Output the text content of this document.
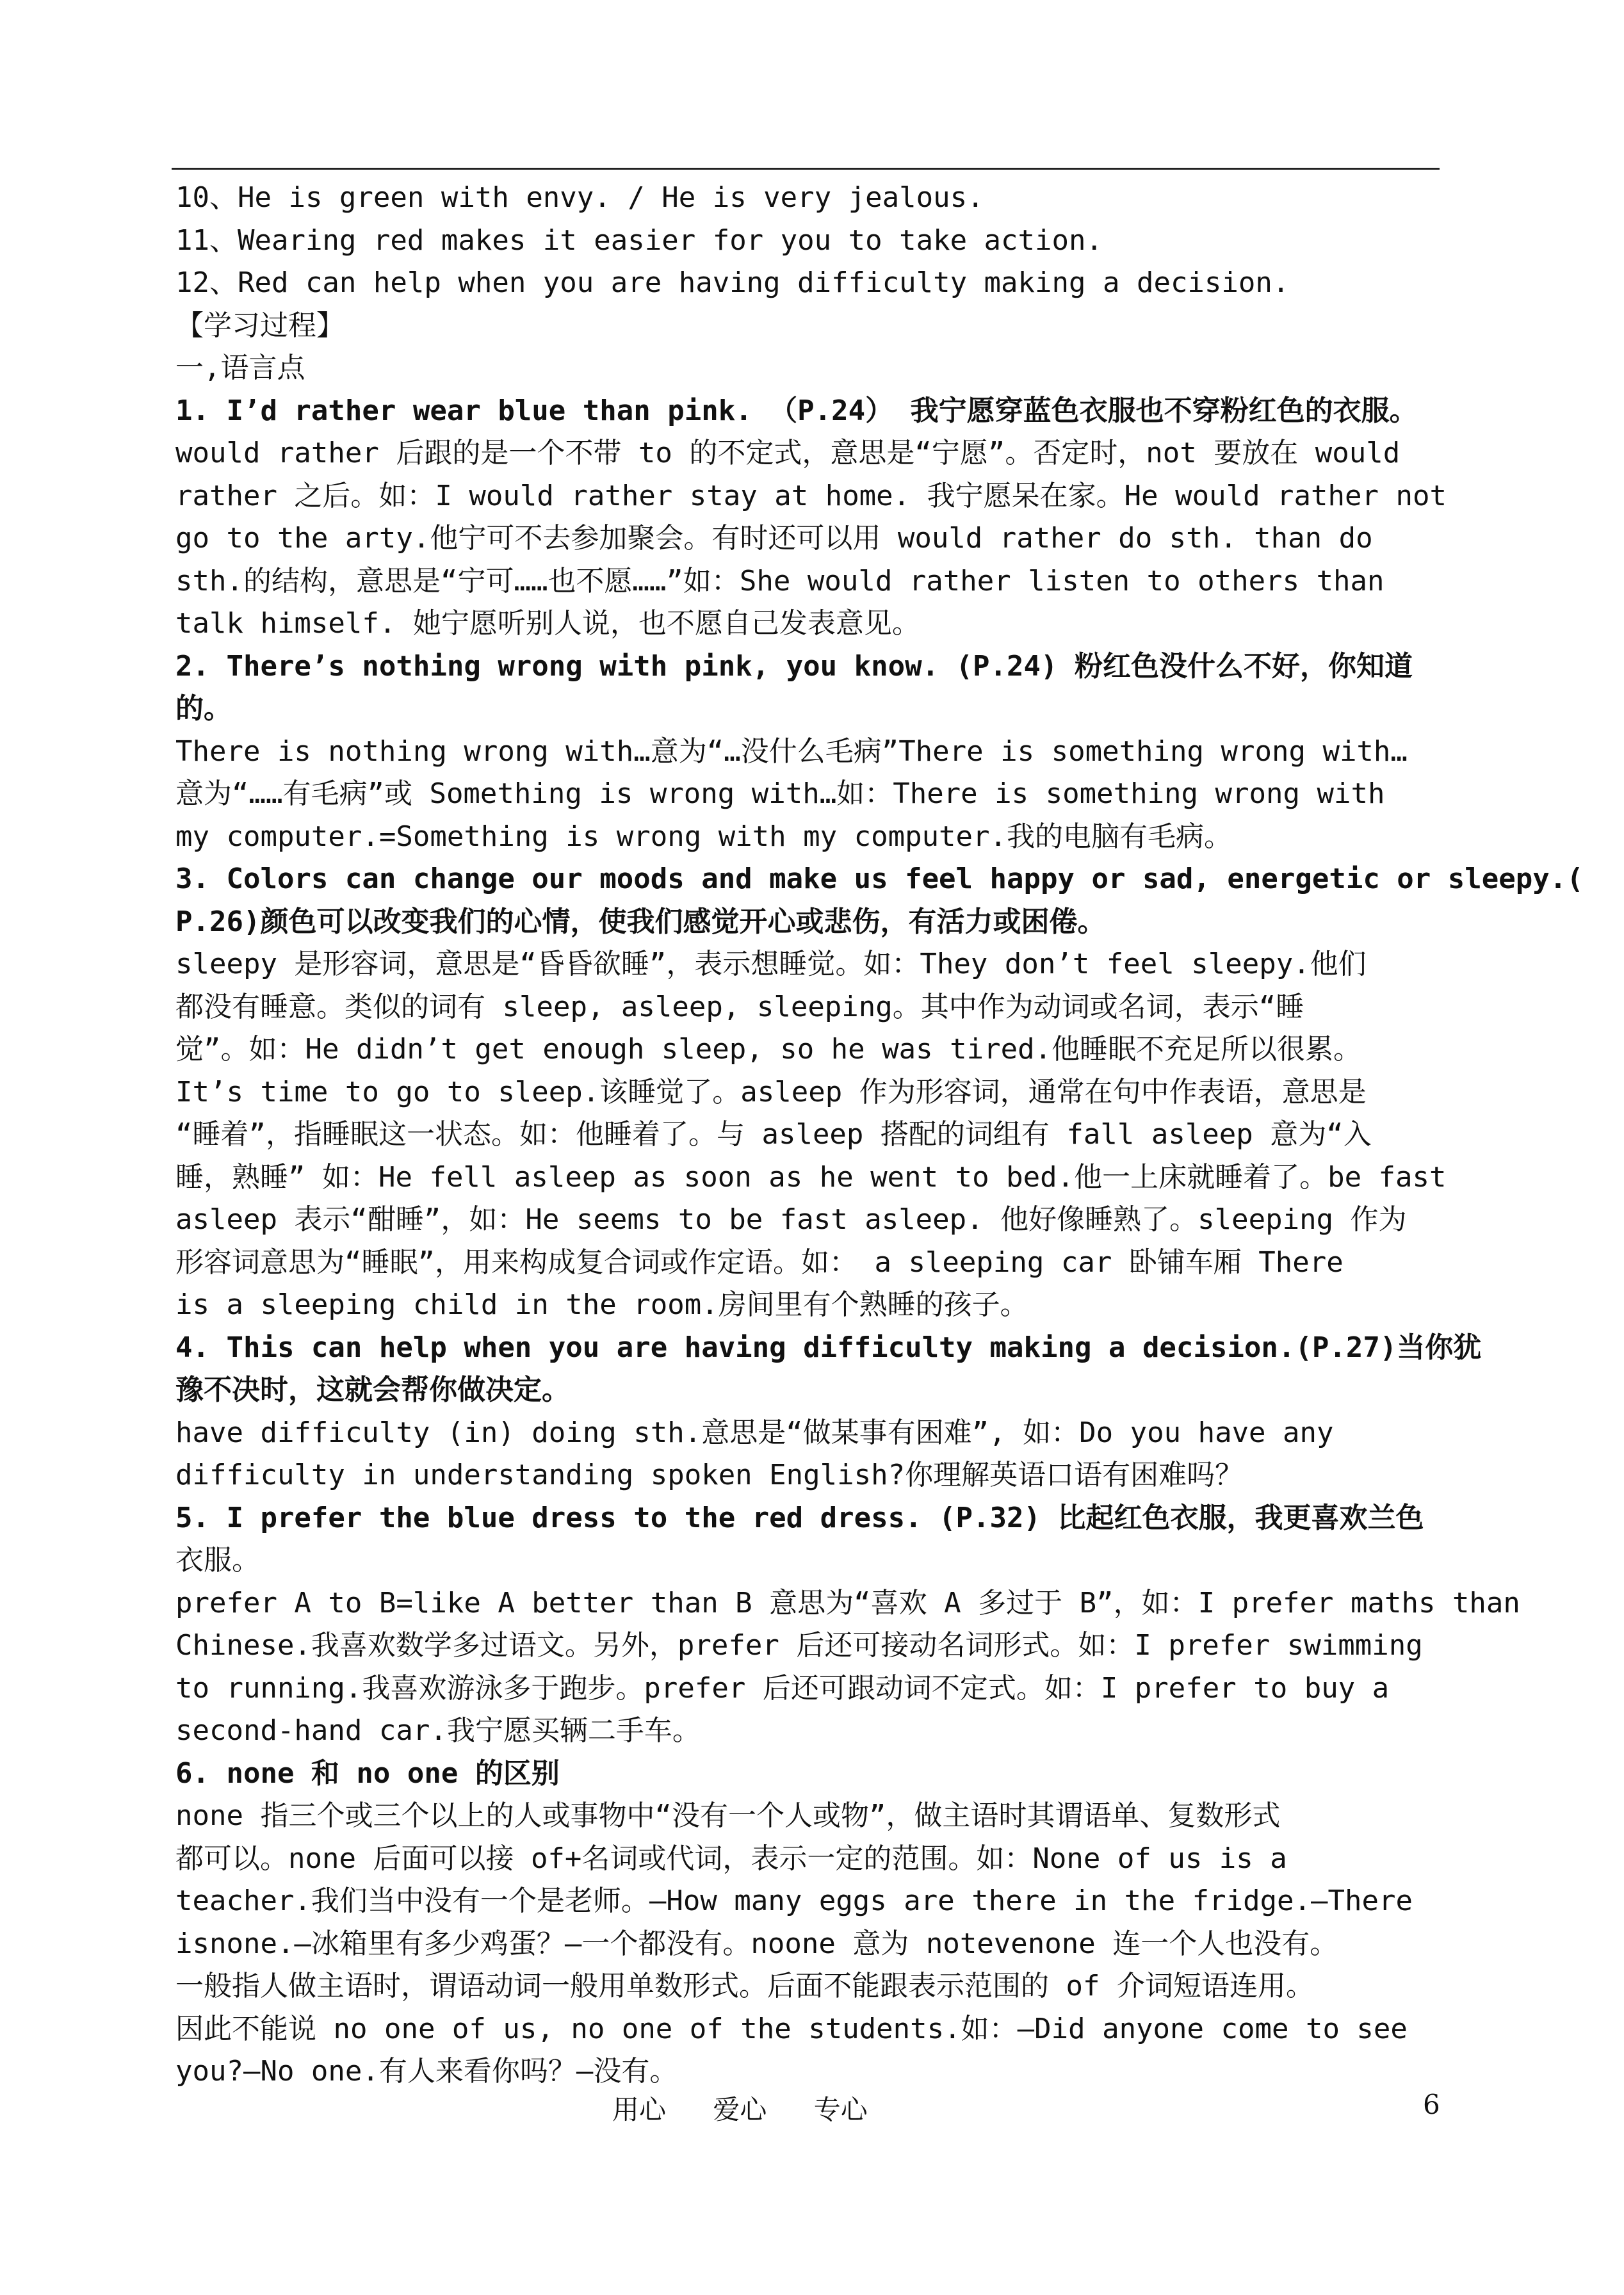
10、He is green with envy. / He is very jealous.
11、Wearing red makes it easier for you to take action.
12、Red can help when you are having difficulty making a decision.
【学习过程】
一,语言点
1. I’d rather wear blue than pink. （P.24） 我宁愿穿蓝色衣服也不穿粉红色的衣服。
would rather 后跟的是一个不带 to 的不定式，意思是“宁愿”。否定时，not 要放在 would
rather 之后。如：I would rather stay at home. 我宁愿呆在家。He would rather not
go to the arty.他宁可不去参加聚会。有时还可以用 would rather do sth. than do
sth.的结构，意思是“宁可……也不愿……”如：She would rather listen to others than
talk himself. 她宁愿听别人说，也不愿自己发表意见。
2. There’s nothing wrong with pink, you know. (P.24) 粉红色没什么不好，你知道
的。
There is nothing wrong with…意为“…没什么毛病”There is something wrong with…
意为“……有毛病”或 Something is wrong with…如：There is something wrong with
my computer.=Something is wrong with my computer.我的电脑有毛病。
3. Colors can change our moods and make us feel happy or sad, energetic or sleepy.(
P.26)颜色可以改变我们的心情，使我们感觉开心或悲伤，有活力或困倦。
sleepy 是形容词，意思是“昏昏欲睡”，表示想睡觉。如：They don’t feel sleepy.他们
都没有睡意。类似的词有 sleep, asleep, sleeping。其中作为动词或名词，表示“睡
觉”。如：He didn’t get enough sleep, so he was tired.他睡眠不充足所以很累。
It’s time to go to sleep.该睡觉了。asleep 作为形容词，通常在句中作表语，意思是
“睡着”，指睡眠这一状态。如：他睡着了。与 asleep 搭配的词组有 fall asleep 意为“入
睡，熟睡” 如：He fell asleep as soon as he went to bed.他一上床就睡着了。be fast
asleep 表示“酣睡”，如：He seems to be fast asleep. 他好像睡熟了。sleeping 作为
形容词意思为“睡眠”，用来构成复合词或作定语。如： a sleeping car 卧铺车厢 There
is a sleeping child in the room.房间里有个熟睡的孩子。
4. This can help when you are having difficulty making a decision.(P.27)当你犹
豫不决时，这就会帮你做决定。
have difficulty (in) doing sth.意思是“做某事有困难”, 如：Do you have any
difficulty in understanding spoken English?你理解英语口语有困难吗？
5. I prefer the blue dress to the red dress. (P.32) 比起红色衣服，我更喜欢兰色
衣服。
prefer A to B=like A better than B 意思为“喜欢 A 多过于 B”，如：I prefer maths than
Chinese.我喜欢数学多过语文。另外，prefer 后还可接动名词形式。如：I prefer swimming
to running.我喜欢游泳多于跑步。prefer 后还可跟动词不定式。如：I prefer to buy a
second-hand car.我宁愿买辆二手车。
6. none 和 no one 的区别
none 指三个或三个以上的人或事物中“没有一个人或物”，做主语时其谓语单、复数形式
都可以。none 后面可以接 of+名词或代词，表示一定的范围。如：None of us is a
teacher.我们当中没有一个是老师。—How many eggs are there in the fridge.—There
isnone.—冰箱里有多少鸡蛋？—一个都没有。noone 意为 notevenone 连一个人也没有。
一般指人做主语时，谓语动词一般用单数形式。后面不能跟表示范围的 of 介词短语连用。
因此不能说 no one of us, no one of the students.如：—Did anyone come to see
you?—No one.有人来看你吗？—没有。
用心 爱心 专心	6
